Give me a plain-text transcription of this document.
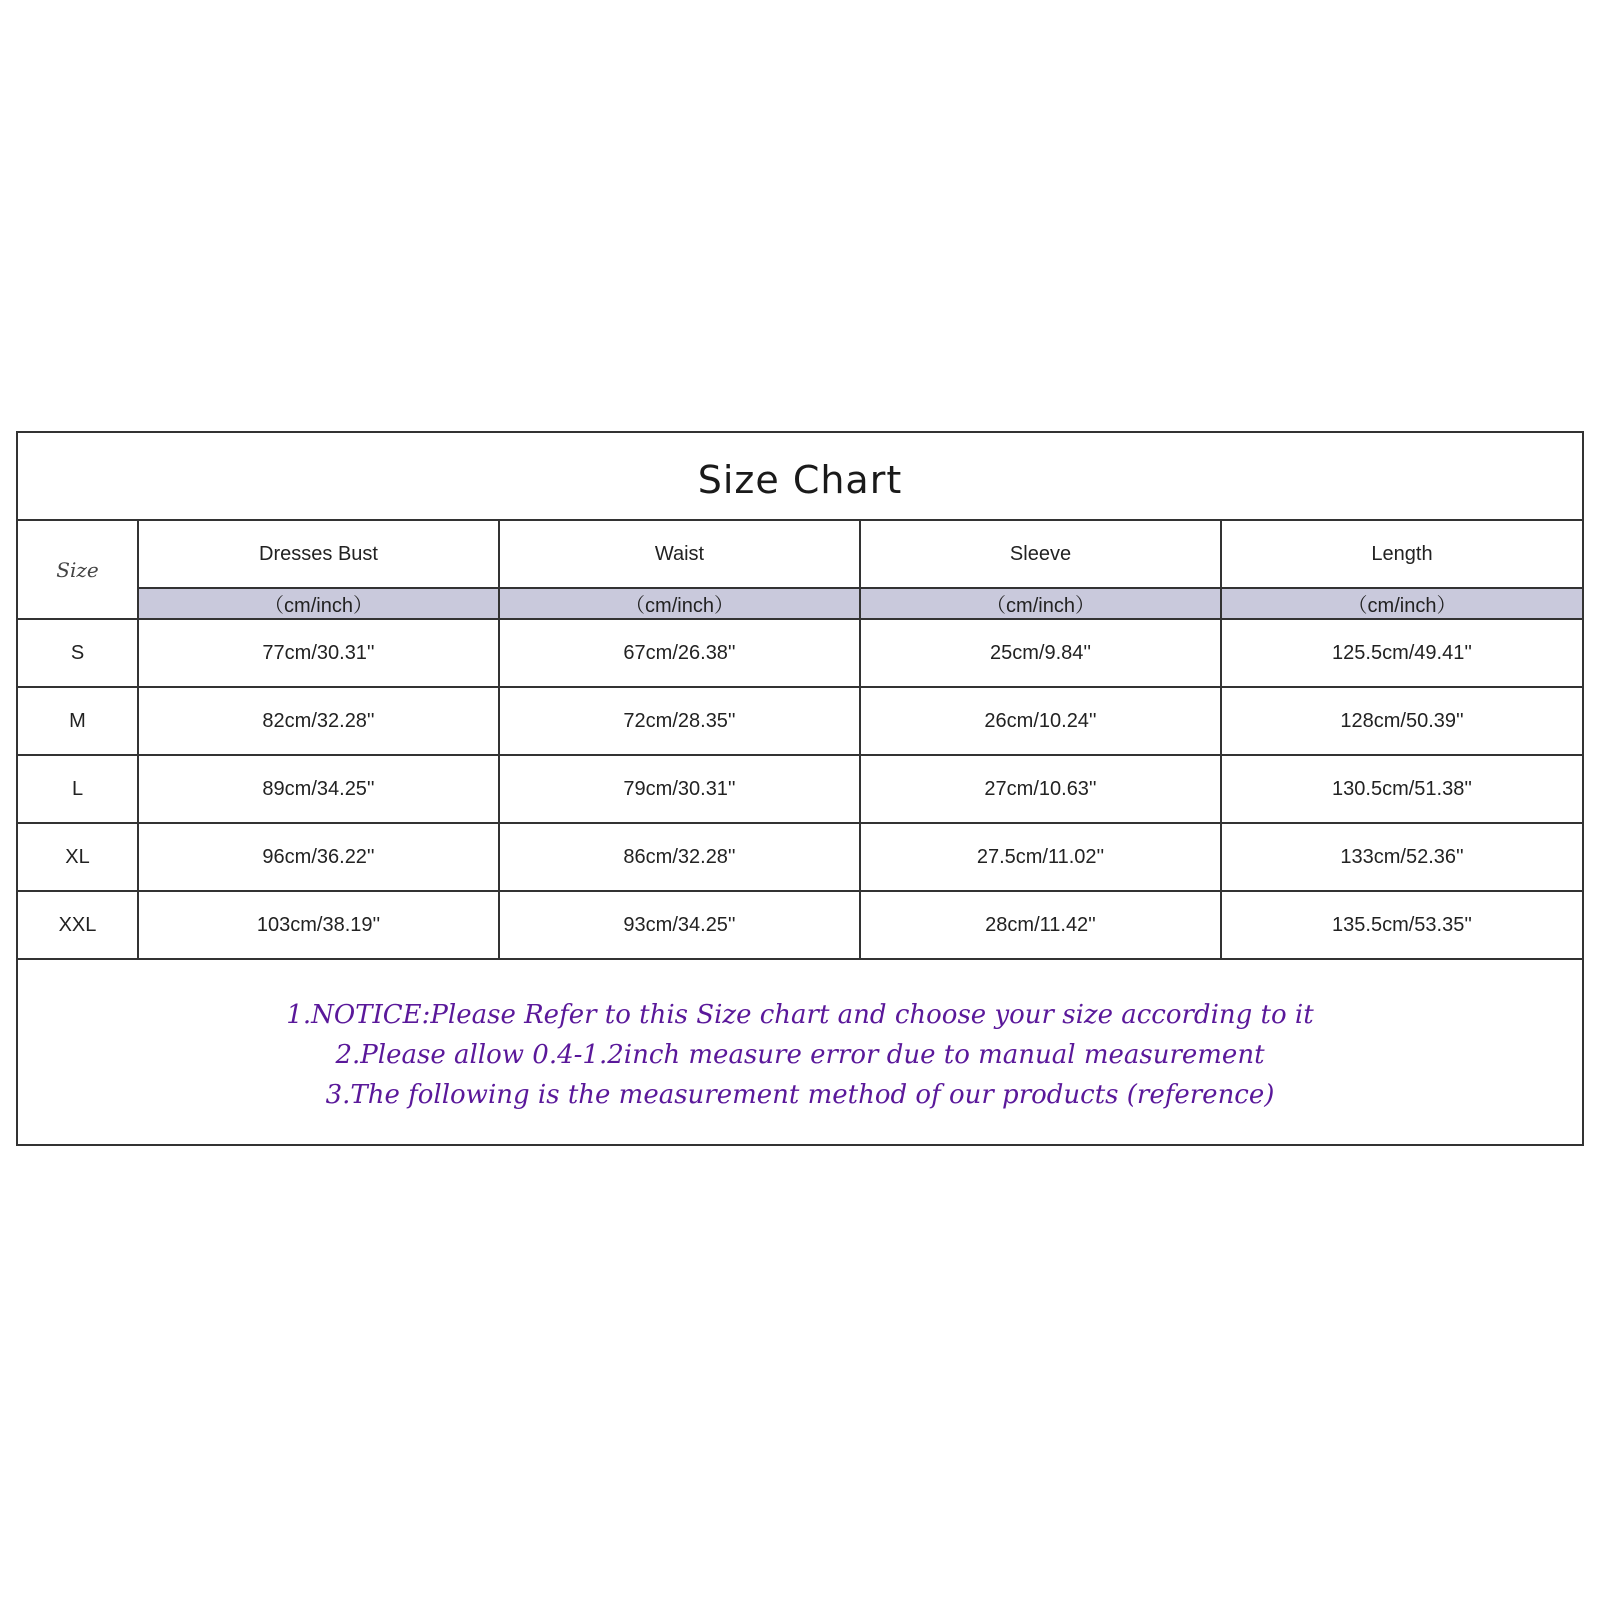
Size Chart
Size	Dresses Bust	Waist	Sleeve	Length
	（cm/inch）	（cm/inch）	（cm/inch）	（cm/inch）
S	77cm/30.31''	67cm/26.38''	25cm/9.84''	125.5cm/49.41''
M	82cm/32.28''	72cm/28.35''	26cm/10.24''	128cm/50.39''
L	89cm/34.25''	79cm/30.31''	27cm/10.63''	130.5cm/51.38''
XL	96cm/36.22''	86cm/32.28''	27.5cm/11.02''	133cm/52.36''
XXL	103cm/38.19''	93cm/34.25''	28cm/11.42''	135.5cm/53.35''
1.NOTICE:Please Refer to this Size chart and choose your size according to it
2.Please allow 0.4-1.2inch measure error due to manual measurement
3.The following is the measurement method of our products (reference)
